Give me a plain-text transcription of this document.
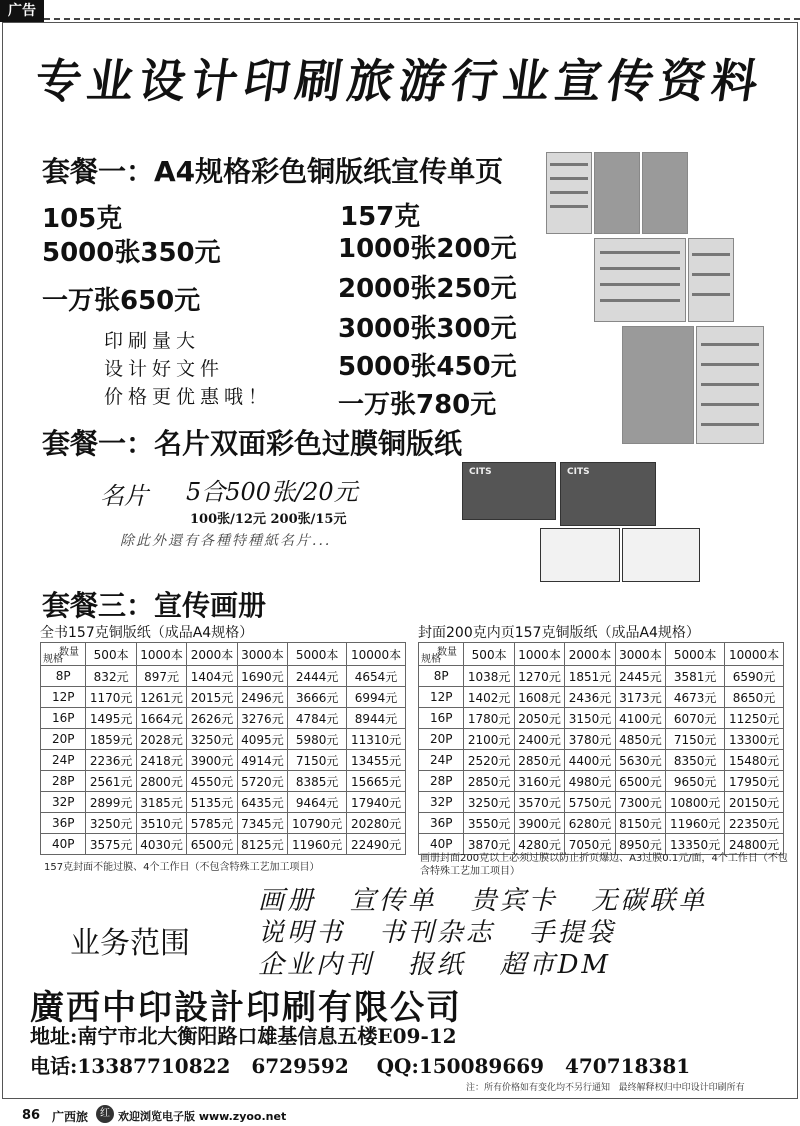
广告
专业设计印刷旅游行业宣传资料
套餐一：A4规格彩色铜版纸宣传单页
105克
5000张350元
一万张650元
157克
1000张200元
2000张250元
3000张300元
5000张450元
一万张780元
印刷量大
设计好文件
价格更优惠哦！
套餐一：名片双面彩色过膜铜版纸
名片 5合500张/20元
100张/12元 200张/15元
除此外還有各種特種紙名片...
CITS	CITS
套餐三：宣传画册
全书157克铜版纸（成品A4规格）
数量
规格	500本	1000本	2000本	3000本	5000本	10000本
8P	832元	897元	1404元	1690元	2444元	4654元
12P	1170元	1261元	2015元	2496元	3666元	6994元
16P	1495元	1664元	2626元	3276元	4784元	8944元
20P	1859元	2028元	3250元	4095元	5980元	11310元
24P	2236元	2418元	3900元	4914元	7150元	13455元
28P	2561元	2800元	4550元	5720元	8385元	15665元
32P	2899元	3185元	5135元	6435元	9464元	17940元
36P	3250元	3510元	5785元	7345元	10790元	20280元
40P	3575元	4030元	6500元	8125元	11960元	22490元
157克封面不能过膜、4个工作日（不包含特殊工艺加工项目）
封面200克内页157克铜版纸（成品A4规格）
数量
规格	500本	1000本	2000本	3000本	5000本	10000本
8P	1038元	1270元	1851元	2445元	3581元	6590元
12P	1402元	1608元	2436元	3173元	4673元	8650元
16P	1780元	2050元	3150元	4100元	6070元	11250元
20P	2100元	2400元	3780元	4850元	7150元	13300元
24P	2520元	2850元	4400元	5630元	8350元	15480元
28P	2850元	3160元	4980元	6500元	9650元	17950元
32P	3250元	3570元	5750元	7300元	10800元	20150元
36P	3550元	3900元	6280元	8150元	11960元	22350元
40P	3870元	4280元	7050元	8950元	13350元	24800元
画册封面200克以上必须过膜以防止折页爆边、A3过膜0.1元/面，4个工作日（不包含特殊工艺加工项目）
业务范围
画册   宣传单   贵宾卡   无碳联单
说明书   书刊杂志   手提袋
企业内刊   报纸   超市DM
廣西中印設計印刷有限公司
地址:南宁市北大衡阳路口雄基信息五楼E09-12
电话:13387710822   6729592    QQ:150089669   470718381
注：所有价格如有变化均不另行通知   最终解释权归中印设计印刷所有
86 广西旅	红 欢迎浏览电子版 www.zyoo.net
